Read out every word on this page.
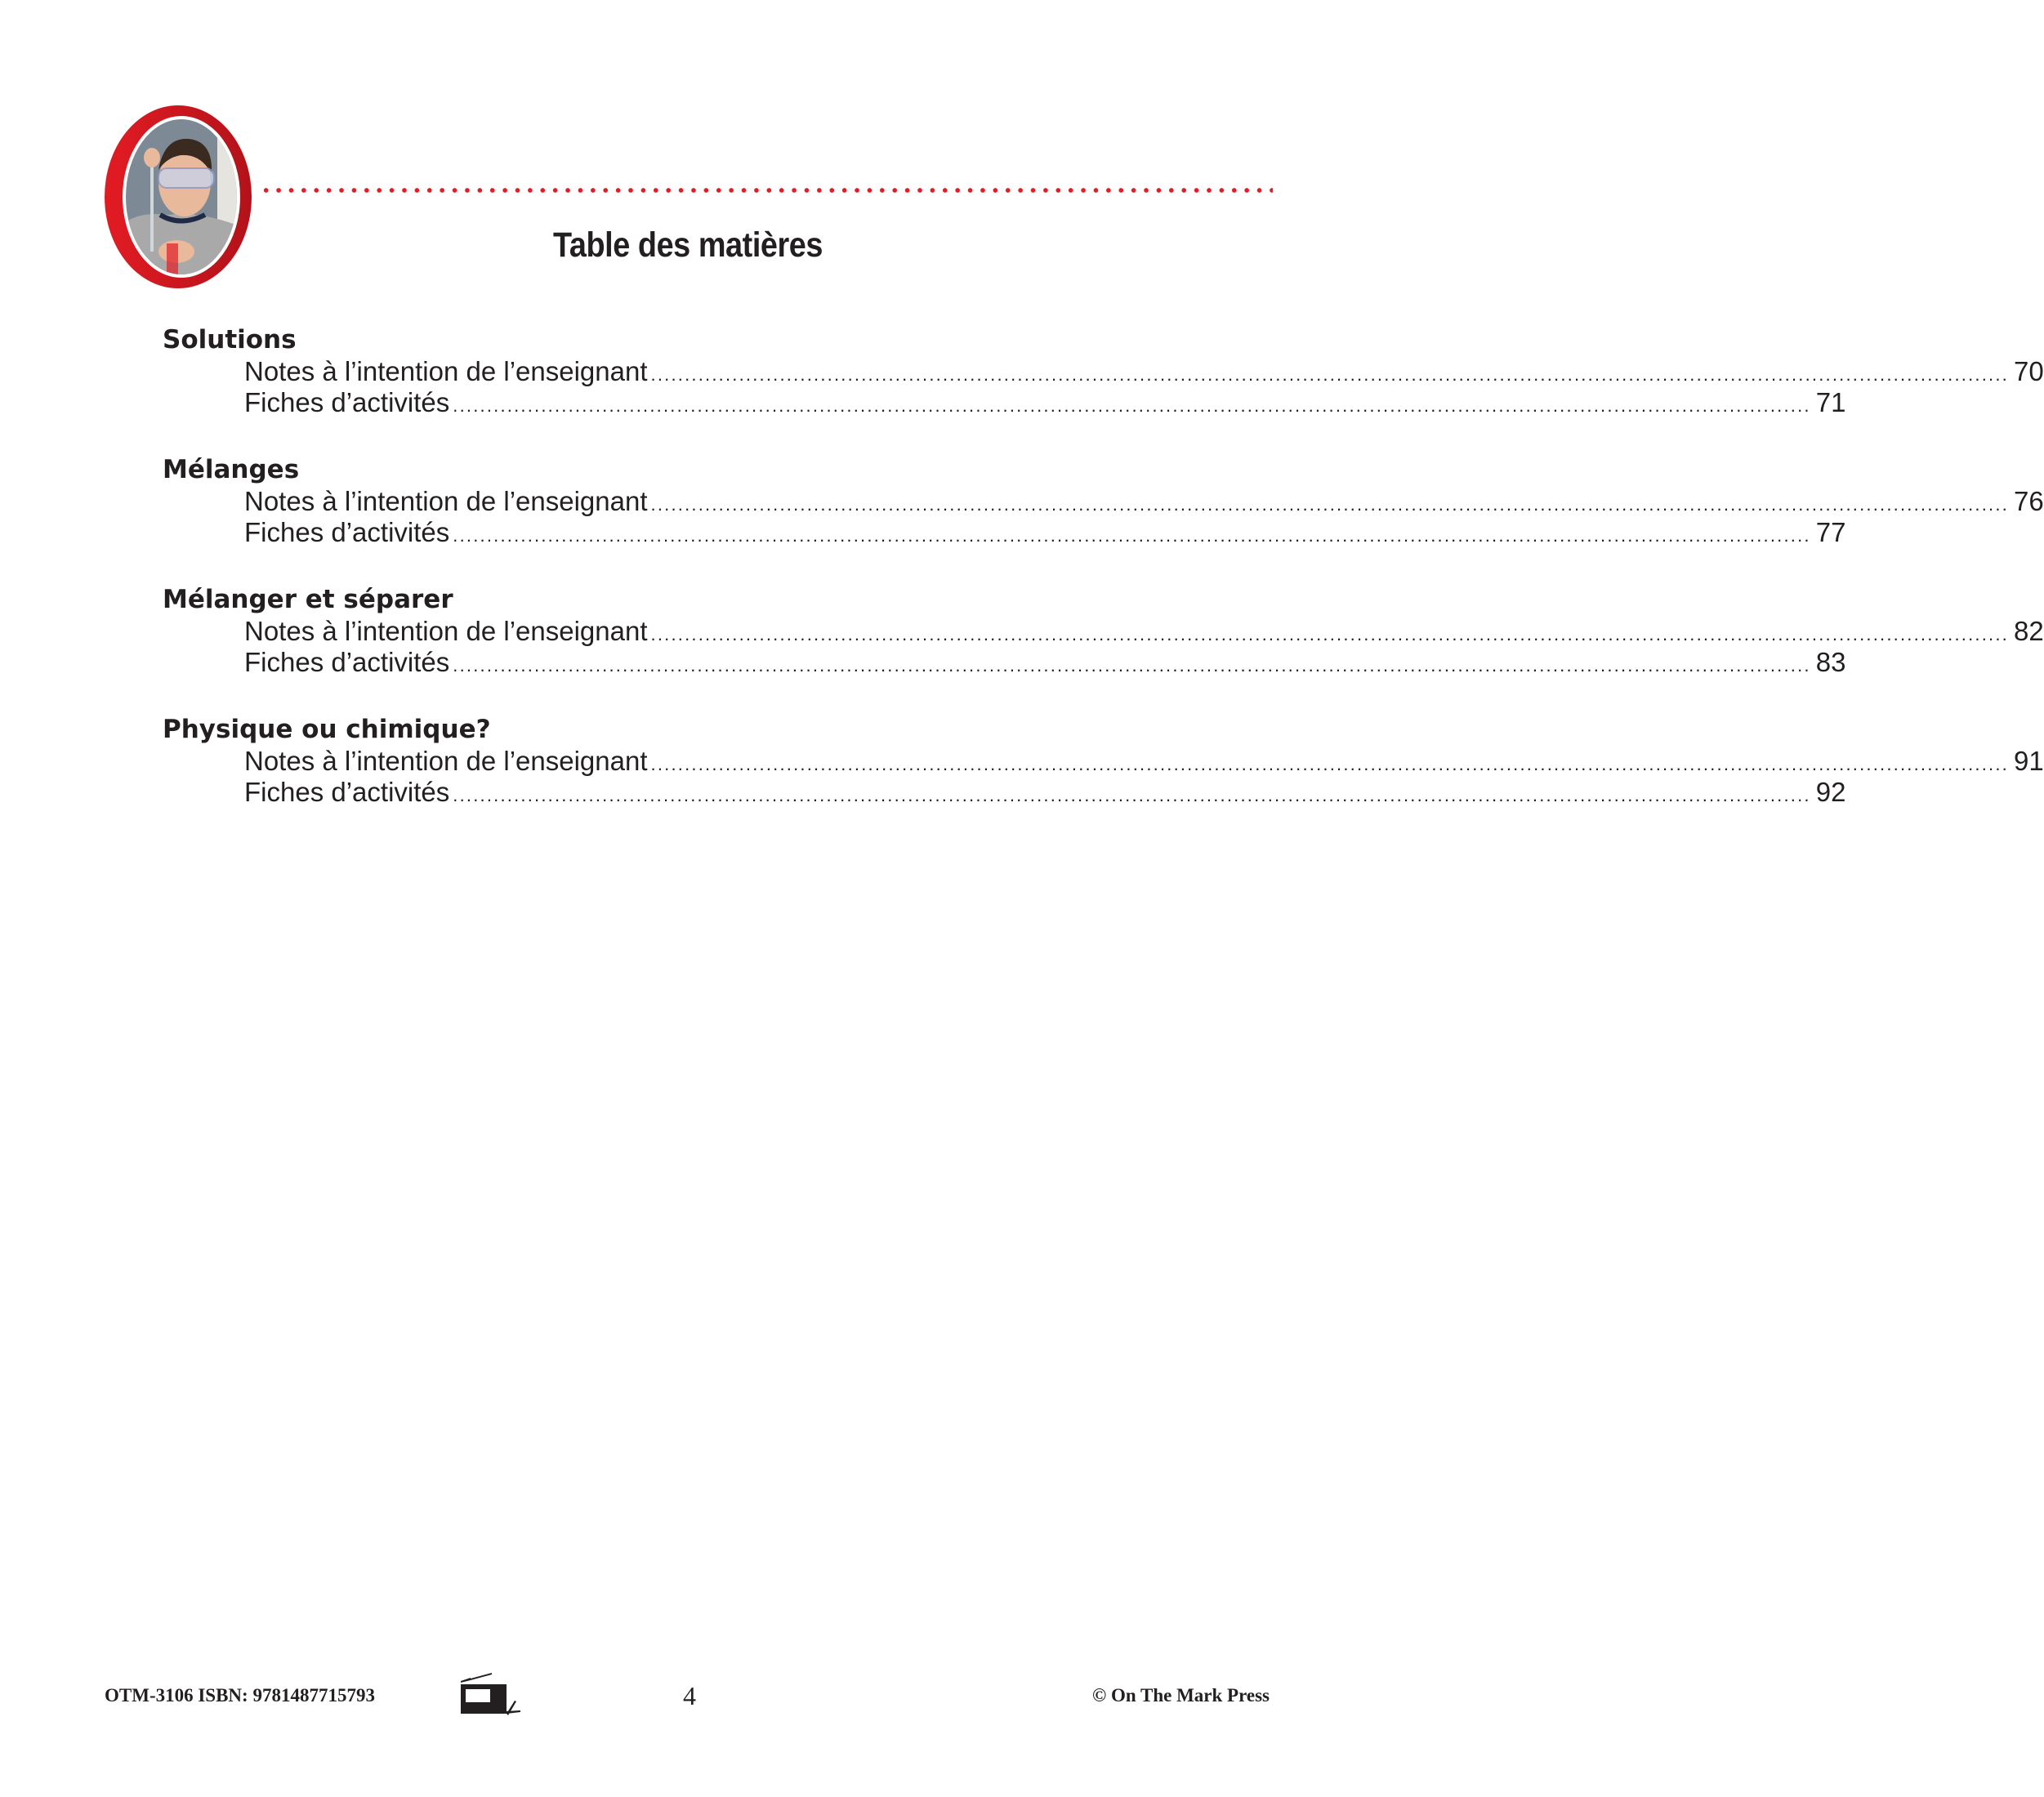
Table des matières
Solutions
Notes à l’intention de l’enseignant ........................................................................................................................................................................................................ 70
Fiches d’activités ........................................................................................................................................................................................................ 71
Mélanges
Notes à l’intention de l’enseignant ........................................................................................................................................................................................................ 76
Fiches d’activités ........................................................................................................................................................................................................ 77
Mélanger et séparer
Notes à l’intention de l’enseignant ........................................................................................................................................................................................................ 82
Fiches d’activités ........................................................................................................................................................................................................ 83
Physique ou chimique?
Notes à l’intention de l’enseignant ........................................................................................................................................................................................................ 91
Fiches d’activités ........................................................................................................................................................................................................ 92
OTM-3106 ISBN: 9781487715793	4	© On The Mark Press
